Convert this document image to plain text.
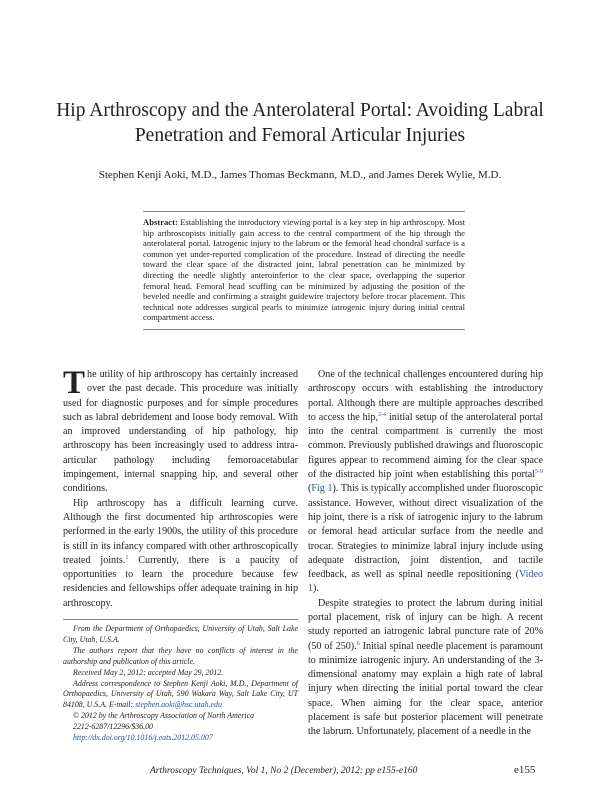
Hip Arthroscopy and the Anterolateral Portal: Avoiding Labral Penetration and Femoral Articular Injuries
Stephen Kenji Aoki, M.D., James Thomas Beckmann, M.D., and James Derek Wylie, M.D.
Abstract: Establishing the introductory viewing portal is a key step in hip arthroscopy. Most hip arthroscopists initially gain access to the central compartment of the hip through the anterolateral portal. Iatrogenic injury to the labrum or the femoral head chondral surface is a common yet under-reported complication of the procedure. Instead of directing the needle toward the clear space of the distracted joint, labral penetration can be minimized by directing the needle slightly anteroinferior to the clear space, overlapping the superior femoral head. Femoral head scuffing can be minimized by adjusting the position of the beveled needle and confirming a straight guidewire trajectory before trocar placement. This technical note addresses surgical pearls to minimize iatrogenic injury during initial central compartment access.

The utility of hip arthroscopy has certainly increased over the past decade. This procedure was initially used for diagnostic purposes and for simple procedures such as labral debridement and loose body removal. With an improved understanding of hip pathology, hip arthroscopy has been increasingly used to address intra-articular pathology including femoroacetabular impingement, internal snapping hip, and several other conditions.

Hip arthroscopy has a difficult learning curve. Although the first documented hip arthroscopies were performed in the early 1900s, the utility of this procedure is still in its infancy compared with other arthroscopically treated joints.$^1$ Currently, there is a paucity of opportunities to learn the procedure because few residencies and fellowships offer adequate training in hip arthroscopy.

From the Department of Orthopaedics, University of Utah, Salt Lake City, Utah, U.S.A.

The authors report that they have no conflicts of interest in the authorship and publication of this article.

Received May 2, 2012; accepted May 29, 2012.

Address correspondence to Stephen Kenji Aoki, M.D., Department of Orthopaedics, University of Utah, 590 Wakara Way, Salt Lake City, UT 84108, U.S.A. E-mail: stephen.aoki@hsc.utah.edu

© 2012 by the Arthroscopy Association of North America

2212-6287/12296/$36.00

http://dx.doi.org/10.1016/j.eats.2012.05.007

One of the technical challenges encountered during hip arthroscopy occurs with establishing the introductory portal. Although there are multiple approaches described to access the hip,$^{2-4}$ initial setup of the anterolateral portal into the central compartment is currently the most common. Previously published drawings and fluoroscopic figures appear to recommend aiming for the clear space of the distracted hip joint when establishing this portal$^{5-9}$ (Fig 1). This is typically accomplished under fluoroscopic assistance. However, without direct visualization of the hip joint, there is a risk of iatrogenic injury to the labrum or femoral head articular surface from the needle and trocar. Strategies to minimize labral injury include using adequate distraction, joint distention, and tactile feedback, as well as spinal needle repositioning (Video 1).

Despite strategies to protect the labrum during initial portal placement, risk of injury can be high. A recent study reported an iatrogenic labral puncture rate of 20% (50 of 250).$^6$ Initial spinal needle placement is paramount to minimize iatrogenic injury. An understanding of the 3-dimensional anatomy may explain a high rate of labral injury when directing the initial portal toward the clear space. When aiming for the clear space, anterior placement is safe but posterior placement will penetrate the labrum. Unfortunately, placement of a needle in the

Arthroscopy Techniques, Vol 1, No 2 (December), 2012: pp e155-e160	e155
